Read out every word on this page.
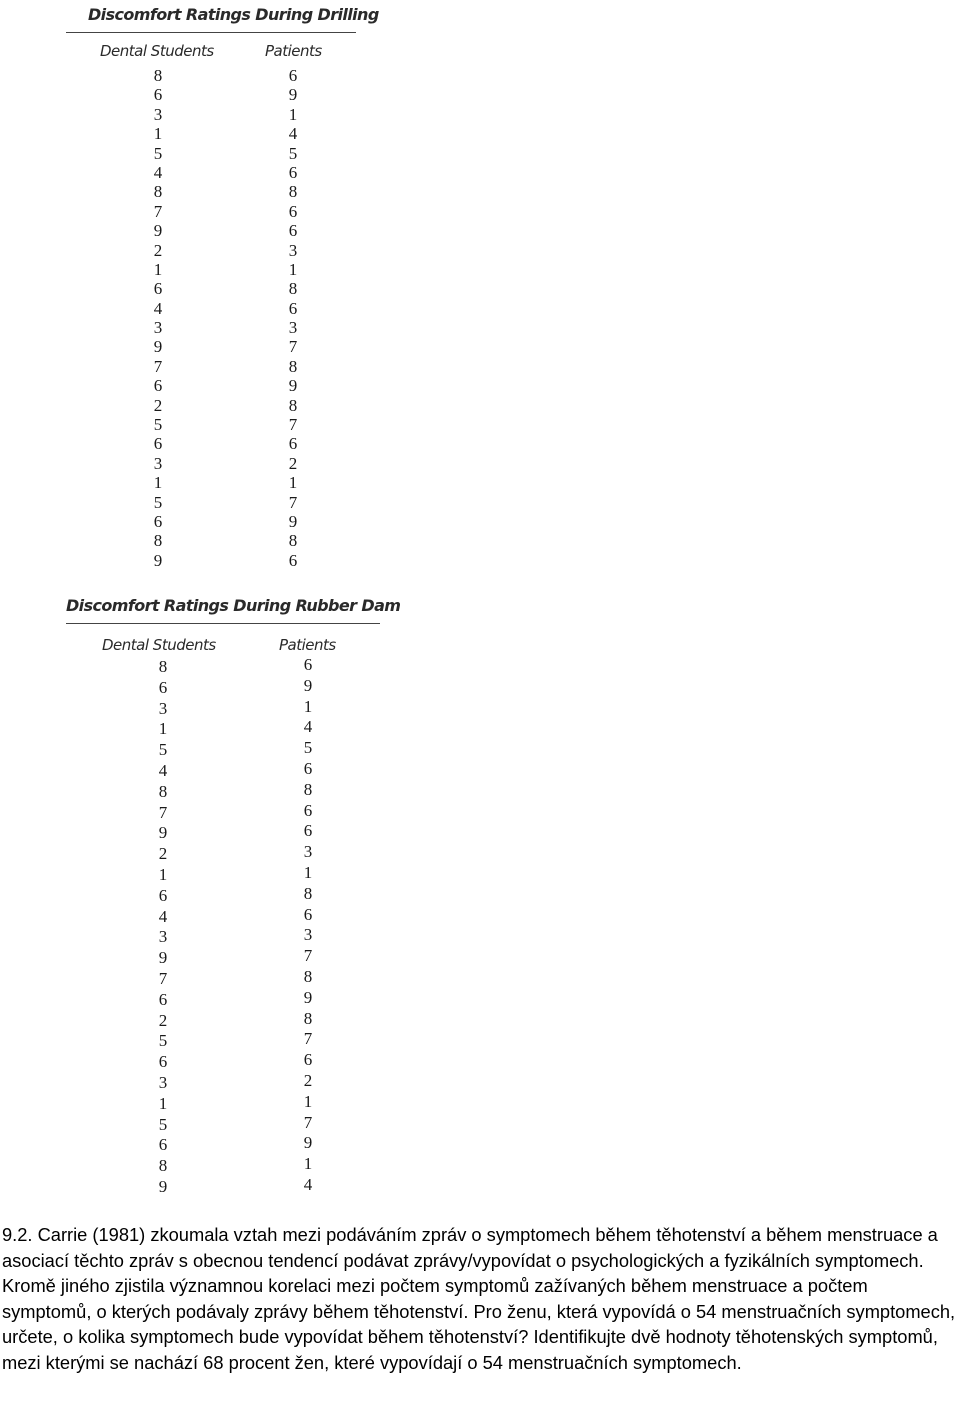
Discomfort Ratings During Drilling
Dental Students	Patients
8
6
3
1
5
4
8
7
9
2
1
6
4
3
9
7
6
2
5
6
3
1
5
6
8
9
6
9
1
4
5
6
8
6
6
3
1
8
6
3
7
8
9
8
7
6
2
1
7
9
8
6
Discomfort Ratings During Rubber Dam
Dental Students	Patients
8
6
3
1
5
4
8
7
9
2
1
6
4
3
9
7
6
2
5
6
3
1
5
6
8
9
6
9
1
4
5
6
8
6
6
3
1
8
6
3
7
8
9
8
7
6
2
1
7
9
1
4

9.2. Carrie (1981) zkoumala vztah mezi podáváním zpráv o symptomech během těhotenství a během menstruace a asociací těchto zpráv s obecnou tendencí podávat zprávy/vypovídat o psychologických a fyzikálních symptomech. Kromě jiného zjistila významnou korelaci mezi počtem symptomů zažívaných během menstruace a počtem symptomů, o kterých podávaly zprávy během těhotenství. Pro ženu, která vypovídá o 54 menstruačních symptomech, určete, o kolika symptomech bude vypovídat během těhotenství? Identifikujte dvě hodnoty těhotenských symptomů, mezi kterými se nachází 68 procent žen, které vypovídají o 54 menstruačních symptomech.
